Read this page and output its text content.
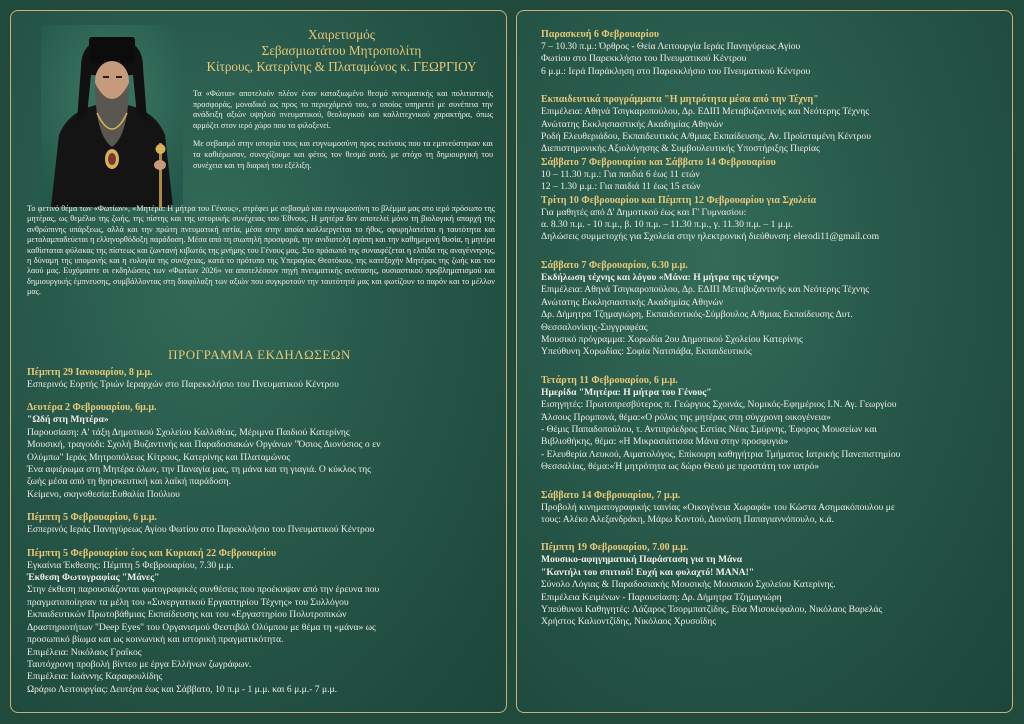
Χαιρετισμός
Σεβασμιωτάτου Μητροπολίτη
Κίτρους, Κατερίνης & Πλαταμώνος κ. ΓΕΩΡΓΙΟΥ

Τα «Φώτια» αποτελούν πλέον έναν καταξιωμένο θεσμό πνευματικής και πολιτιστικής προσφοράς, μοναδικό ως προς το περιεχόμενό του, ο οποίος υπηρετεί με συνέπεια την ανάδειξη αξιών υψηλού πνευματικού, θεολογικού και καλλιτεχνικού χαρακτήρα, όπως αρμόζει στον ιερό χώρο που τα φιλοξενεί.

Με σεβασμό στην ιστορία τους και ευγνωμοσύνη προς εκείνους που τα εμπνεύστηκαν και τα καθιέρωσαν, συνεχίζουμε και φέτος τον θεσμό αυτό, με στόχο τη δημιουργική του συνέχεια και τη διαρκή του εξέλιξη.

Το φετινό θέμα των «Φωτίων», «Μητέρα: Η μήτρα του Γένους», στρέφει με σεβασμό και ευγνωμοσύνη το βλέμμα μας στο ιερό πρόσωπο της μητέρας, ως θεμέλιο της ζωής, της πίστης και της ιστορικής συνέχειας του Έθνους. Η μητέρα δεν αποτελεί μόνο τη βιολογική απαρχή της ανθρώπινης υπάρξεως, αλλά και την πρώτη πνευματική εστία, μέσα στην οποία καλλιεργείται το ήθος, σφυρηλατείται η ταυτότητα και μεταλαμπαδεύεται η ελληνορθόδοξη παράδοση. Μέσα από τη σιωπηλή προσφορά, την ανιδιοτελή αγάπη και την καθημερινή θυσία, η μητέρα καθίσταται φύλακας της πίστεως και ζωντανή κιβωτός της μνήμης του Γένους μας. Στο πρόσωπό της συναιφέζεται η ελπίδα της αναγέννησης, η δύναμη της υπομονής και η ευλογία της συνέχειας, κατά το πρότυπο της Υπεραγίας Θεοτόκου, της κατεξοχήν Μητέρας της ζωής και του λαού μας. Ευχόμαστε οι εκδηλώσεις των «Φωτίων 2026» να αποτελέσουν πηγή πνευματικής ανάτασης, ουσιαστικού προβληματισμού και δημιουργικής έμπνευσης, συμβάλλοντας στη διαφύλαξη των αξιών που συγκροτούν την ταυτότητά μας και φωτίζουν το παρόν και το μέλλον μας.

ΠΡΟΓΡΑΜΜΑ ΕΚΔΗΛΩΣΕΩΝ
Πέμπτη 29 Ιανουαρίου, 8 μ.μ.
Εσπερινός Εορτής Τριών Ιεραρχών στο Παρεκκλήσιο του Πνευματικού Κέντρου
Δευτέρα 2 Φεβρουαρίου, 6μ.μ.
"Ωδή στη Μητέρα»
Παρουσίαση: Α' τάξη Δημοτικού Σχολείου Καλλιθέας, Μέριμνα Παιδιού Κατερίνης
Μουσική, τραγούδι: Σχολή Βυζαντινής και Παραδοσιακών Οργάνων "Όσιος Διονύσιος ο εν
Ολύμπω" Ιεράς Μητροπόλεως Κίτρους, Κατερίνης και Πλαταμώνος
Ένα αφιέρωμα στη Μητέρα όλων, την Παναγία μας, τη μάνα και τη γιαγιά. Ο κύκλος της
ζωής μέσα από τη θρησκευτική και λαϊκή παράδοση.
Κείμενο, σκηνοθεσία:Ευθαλία Πούλιου
Πέμπτη 5 Φεβρουαρίου, 6 μ.μ.
Εσπερινός Ιεράς Πανηγύρεως Αγίου Φωτίου στο Παρεκκλήσιο του Πνευματικού Κέντρου
Πέμπτη 5 Φεβρουαρίου έως και Κυριακή 22 Φεβρουαρίου
Εγκαίνια Έκθεσης: Πέμπτη 5 Φεβρουαρίου, 7.30 μ.μ.
Έκθεση Φωτογραφίας "Μάνες"
Στην έκθεση παρουσιάζονται φωτογραφικές συνθέσεις που προέκυψαν από την έρευνα που
πραγματοποίησαν τα μέλη του «Συνεργατικού Εργαστηρίου Τέχνης» του Συλλόγου
Εκπαιδευτικών Πρωτοβάθμιας Εκπαίδευσης και του «Εργαστηρίου Πολυτροπικών
Δραστηριοτήτων "Deep Eyes" του Οργανισμού Φεστιβάλ Ολύμπου με θέμα τη «μάνα» ως
προσωπικό βίωμα και ως κοινωνική και ιστορική πραγματικότητα.
Επιμέλεια: Νικόλαος Γραΐκος
Ταυτόχρονη προβολή βίντεο με έργα Ελλήνων ζωγράφων.
Επιμέλεια: Ιωάννης Καραφουλίδης
Ωράριο Λειτουργίας: Δευτέρα έως και Σάββατο, 10 π.μ - 1 μ.μ. και 6 μ.μ.- 7 μ.μ.
Παρασκευή 6 Φεβρουαρίου
7 – 10.30 π.μ.: Όρθρος - Θεία Λειτουργία Ιεράς Πανηγύρεως Αγίου
Φωτίου στο Παρεκκλήσιο του Πνευματικού Κέντρου
6 μ.μ.: Ιερά Παράκληση στο Παρεκκλήσιο του Πνευματικού Κέντρου
Εκπαιδευτικά προγράμματα "Η μητρότητα μέσα από την Τέχνη"
Επιμέλεια: Αθηνά Τσιγκαροπούλου, Δρ. ΕΔΙΠ Μεταβυζαντινής και Νεότερης Τέχνης
Ανώτατης Εκκλησιαστικής Ακαδημίας Αθηνών
Ροδή Ελευθεριάδου, Εκπαιδευτικός Α/θμιας Εκπαίδευσης, Αν. Προϊσταμένη Κέντρου
Διεπιστημονικής Αξιολόγησης & Συμβουλευτικής Υποστήριξης Πιερίας
Σάββατο 7 Φεβρουαρίου και Σάββατο 14 Φεβρουαρίου
10 – 11.30 π.μ.: Για παιδιά 6 έως 11 ετών
12 – 1.30 μ.μ.: Για παιδιά 11 έως 15 ετών
Τρίτη 10 Φεβρουαρίου και Πέμπτη 12 Φεβρουαρίου για Σχολεία
Για μαθητές από Δ' Δημοτικού έως και Γ' Γυμνασίου:
α. 8.30 π.μ. - 10 π.μ., β. 10 π.μ. – 11.30 π.μ., γ. 11.30 π.μ. – 1 μ.μ.
Δηλώσεις συμμετοχής για Σχολεία στην ηλεκτρονική διεύθυνση: elerodi11@gmail.com
Σάββατο 7 Φεβρουαρίου, 6.30 μ.μ.
Εκδήλωση τέχνης και λόγου «Μάνα: Η μήτρα της τέχνης»
Επιμέλεια: Αθηνά Τσιγκαροπούλου, Δρ. ΕΔΙΠ Μεταβυζαντινής και Νεότερης Τέχνης
Ανώτατης Εκκλησιαστικής Ακαδημίας Αθηνών
Δρ. Δήμητρα Τζημαγιώρη, Εκπαιδευτικός-Σύμβουλος Α/θμιας Εκπαίδευσης Δυτ.
Θεσσαλονίκης-Συγγραφέας
Μουσικό πρόγραμμα: Χορωδία 2ου Δημοτικού Σχολείου Κατερίνης
Υπεύθυνη Χορωδίας: Σοφία Νατσιάβα, Εκπαιδευτικός
Τετάρτη 11 Φεβρουαρίου, 6 μ.μ.
Ημερίδα "Μητέρα: Η μήτρα του Γένους"
Εισηγητές: Πρωτοπρεσβύτερος π. Γεώργιος Σχοινάς, Νομικός-Εφημέριος Ι.Ν. Αγ. Γεωργίου
Άλσους Προμπονά, θέμα:«Ο ρόλος της μητέρας στη σύγχρονη οικογένεια»
- Θέμις Παπαδοπούλου, τ. Αντιπρόεδρος Εστίας Νέας Σμύρνης, Έφορος Μουσείων και
Βιβλιοθήκης, θέμα: «Η Μικρασιάτισσα Μάνα στην προσφυγιά»
- Ελευθερία Λευκού, Αιματολόγος, Επίκουρη καθηγήτρια Τμήματος Ιατρικής Πανεπιστημίου
Θεσσαλίας, θέμα:«Ή μητρότητα ως δώρο Θεού με προστάτη τον ιατρό»
Σάββατο 14 Φεβρουαρίου, 7 μ.μ.
Προβολή κινηματογραφικής ταινίας «Οικογένεια Χωραφά» του Κώστα Ασημακόπουλου με
τους: Αλέκο Αλεξανδράκη, Μάρω Κοντού, Διονύση Παπαγιαννόπουλο, κ.ά.
Πέμπτη 19 Φεβρουαρίου, 7.00 μ.μ.
Μουσικο-αφηγηματική Παράσταση για τη Μάνα
"Καντήλι του σπιτιού! Ευχή και φυλαχτό! ΜΑΝΑ!"
Σύνολο Λόγιας & Παραδοσιακής Μουσικής Μουσικού Σχολείου Κατερίνης.
Επιμέλεια Κειμένων - Παρουσίαση: Δρ. Δήμητρα Τζημαγιώρη
Υπεύθυνοι Καθηγητές: Λάζαρος Τσορμπατζίδης, Εύα Μισοκέφαλου, Νικόλαος Βαρελάς
Χρήστος Καλιοντζίδης, Νικόλαος Χρυσοΐδης
